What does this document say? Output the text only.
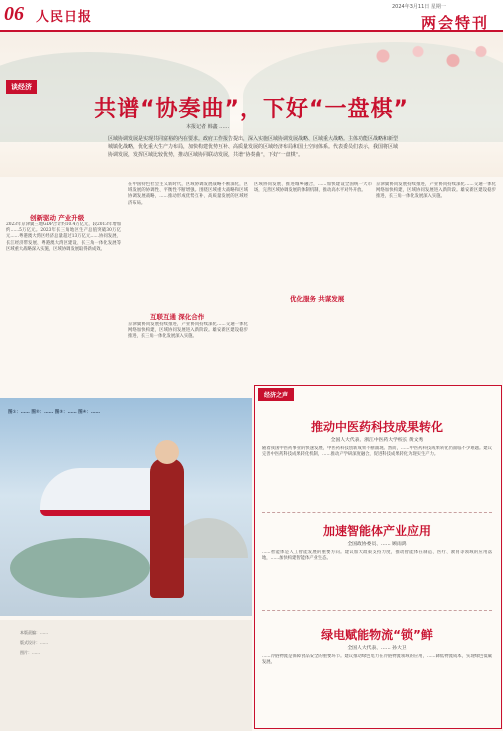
06 人民日报
2024年3月11日 星期一
两会特刊
谈经济
共谱“协奏曲”，下好“一盘棋”
本报记者 韩鑫 ……
区域协调发展是实现共同富裕的内在要求。政府工作报告提出，深入实施区域协调发展战略、区域重大战略。主体功能区战略和新型城镇化战略，优化重大生产力布局，加快构建优势互补、高质量发展的区域经济布局和国土空间体系。代表委员们表示，我国将区域协调发展，发挥区域比较优势，推动区域协同联动发展，共谱“协奏曲”，下好“一盘棋”。
创新驱动 产业升级
2023年京津冀三地GDP合计约10.4万亿元，较2013年增加约……5万亿元。2023年长三角地区生产总值突破30万亿元……粤港澳大湾区经济总量超过13万亿元……协同发展、长江经济带发展、粤港澳大湾区建设、长三角一体化发展等区域重大战略深入实施，区域协调发展取得新成效。
在中国特色社会主义新时代，区域协调发展战略不断深化，区域发展的协调性、平衡性不断增强。围绕区域重大战略和区域协调发展战略，……推动形成优势互补、高质量发展的区域经济布局。
互联互通 深化合作
京津冀协同发展持续推进，产业协同持续深化……交通一体化网络加快构建，区域协同发展进入新阶段。雄安新区建设稳步推进，长三角一体化发展深入实施。
区域协同发展、推进城乡融合，……加快建设全国统一大市场，完善区域协调发展的体制机制，推动高水平对外开放。
优化服务 共谋发展
京津冀协同发展持续推进，产业协同持续深化……交通一体化网络加快构建，区域协同发展进入新阶段。雄安新区建设稳步推进，长三角一体化发展深入实施。
图①：…… 图②：…… 图③：…… 图④：……
本版责编：……
版式设计：……
图片：……
经济之声
推动中医药科技成果转化
全国人大代表、浙江中医药大学校长 黄文秀
随着我国中医药事业的快速发展，中医药科技创新成果不断涌现。然而，……中医药科技成果转化仍面临不少难题。建议完善中医药科技成果转化机制，……推动产学研深度融合，促进科技成果转化为现实生产力。
加速智能体产业应用
全国政协委员、…… 顾雨鸿
……智能体是人工智能发展的重要方向。建议加大政策支持力度，推动智能体在制造、医疗、教育等领域的应用落地，……加快构建智能体产业生态。
绿电赋能物流“锁”鲜
全国人大代表、…… 孙大卫
……冷链物流是保障食品安全的重要环节。建议推动绿色电力在冷链物流领域的应用，……降低物流成本，实现绿色低碳发展。
